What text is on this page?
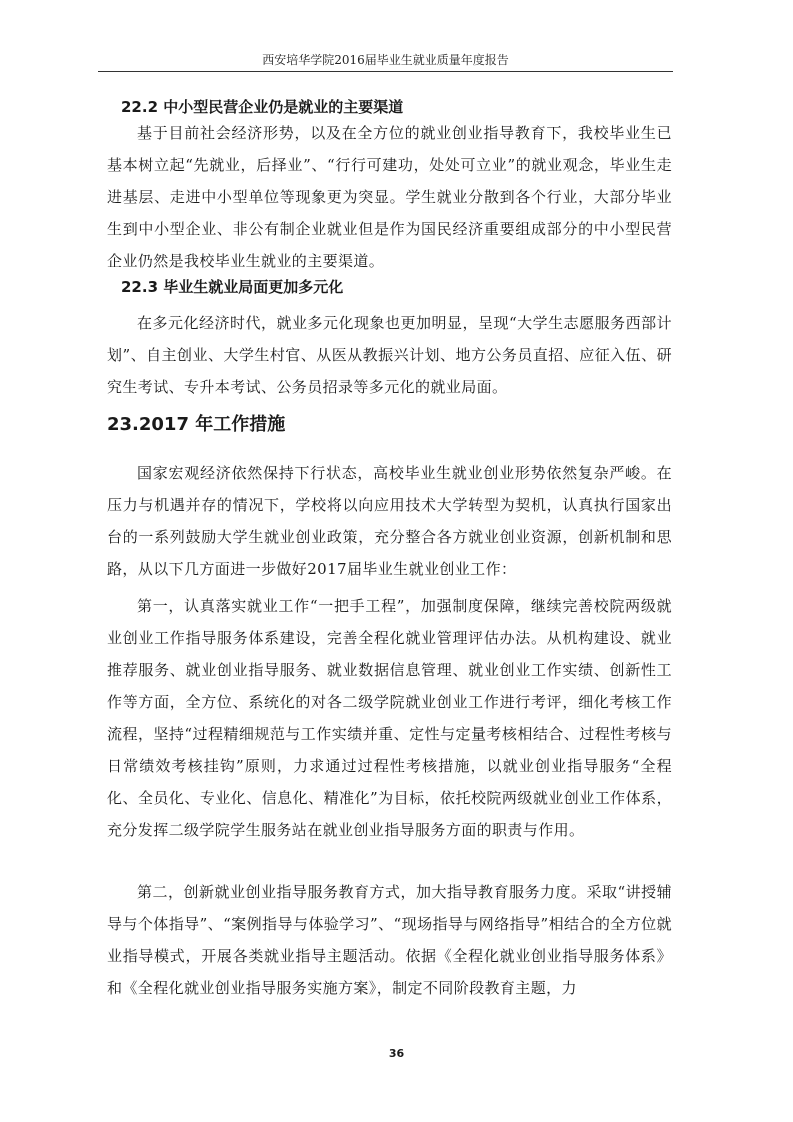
西安培华学院2016届毕业生就业质量年度报告
22.2 中小型民营企业仍是就业的主要渠道

基于目前社会经济形势，以及在全方位的就业创业指导教育下，我校毕业生已基本树立起“先就业，后择业”、“行行可建功，处处可立业”的就业观念，毕业生走进基层、走进中小型单位等现象更为突显。学生就业分散到各个行业，大部分毕业生到中小型企业、非公有制企业就业但是作为国民经济重要组成部分的中小型民营企业仍然是我校毕业生就业的主要渠道。

22.3 毕业生就业局面更加多元化

在多元化经济时代，就业多元化现象也更加明显，呈现“大学生志愿服务西部计划”、自主创业、大学生村官、从医从教振兴计划、地方公务员直招、应征入伍、研究生考试、专升本考试、公务员招录等多元化的就业局面。

23.2017 年工作措施

国家宏观经济依然保持下行状态，高校毕业生就业创业形势依然复杂严峻。在压力与机遇并存的情况下，学校将以向应用技术大学转型为契机，认真执行国家出台的一系列鼓励大学生就业创业政策，充分整合各方就业创业资源，创新机制和思路，从以下几方面进一步做好2017届毕业生就业创业工作：

第一，认真落实就业工作“一把手工程”，加强制度保障，继续完善校院两级就业创业工作指导服务体系建设，完善全程化就业管理评估办法。从机构建设、就业推荐服务、就业创业指导服务、就业数据信息管理、就业创业工作实绩、创新性工作等方面，全方位、系统化的对各二级学院就业创业工作进行考评，细化考核工作流程，坚持“过程精细规范与工作实绩并重、定性与定量考核相结合、过程性考核与日常绩效考核挂钩”原则，力求通过过程性考核措施，以就业创业指导服务“全程化、全员化、专业化、信息化、精准化”为目标，依托校院两级就业创业工作体系，充分发挥二级学院学生服务站在就业创业指导服务方面的职责与作用。

第二，创新就业创业指导服务教育方式，加大指导教育服务力度。采取“讲授辅导与个体指导”、“案例指导与体验学习”、“现场指导与网络指导”相结合的全方位就业指导模式，开展各类就业指导主题活动。依据《全程化就业创业指导服务体系》和《全程化就业创业指导服务实施方案》，制定不同阶段教育主题，力

36
